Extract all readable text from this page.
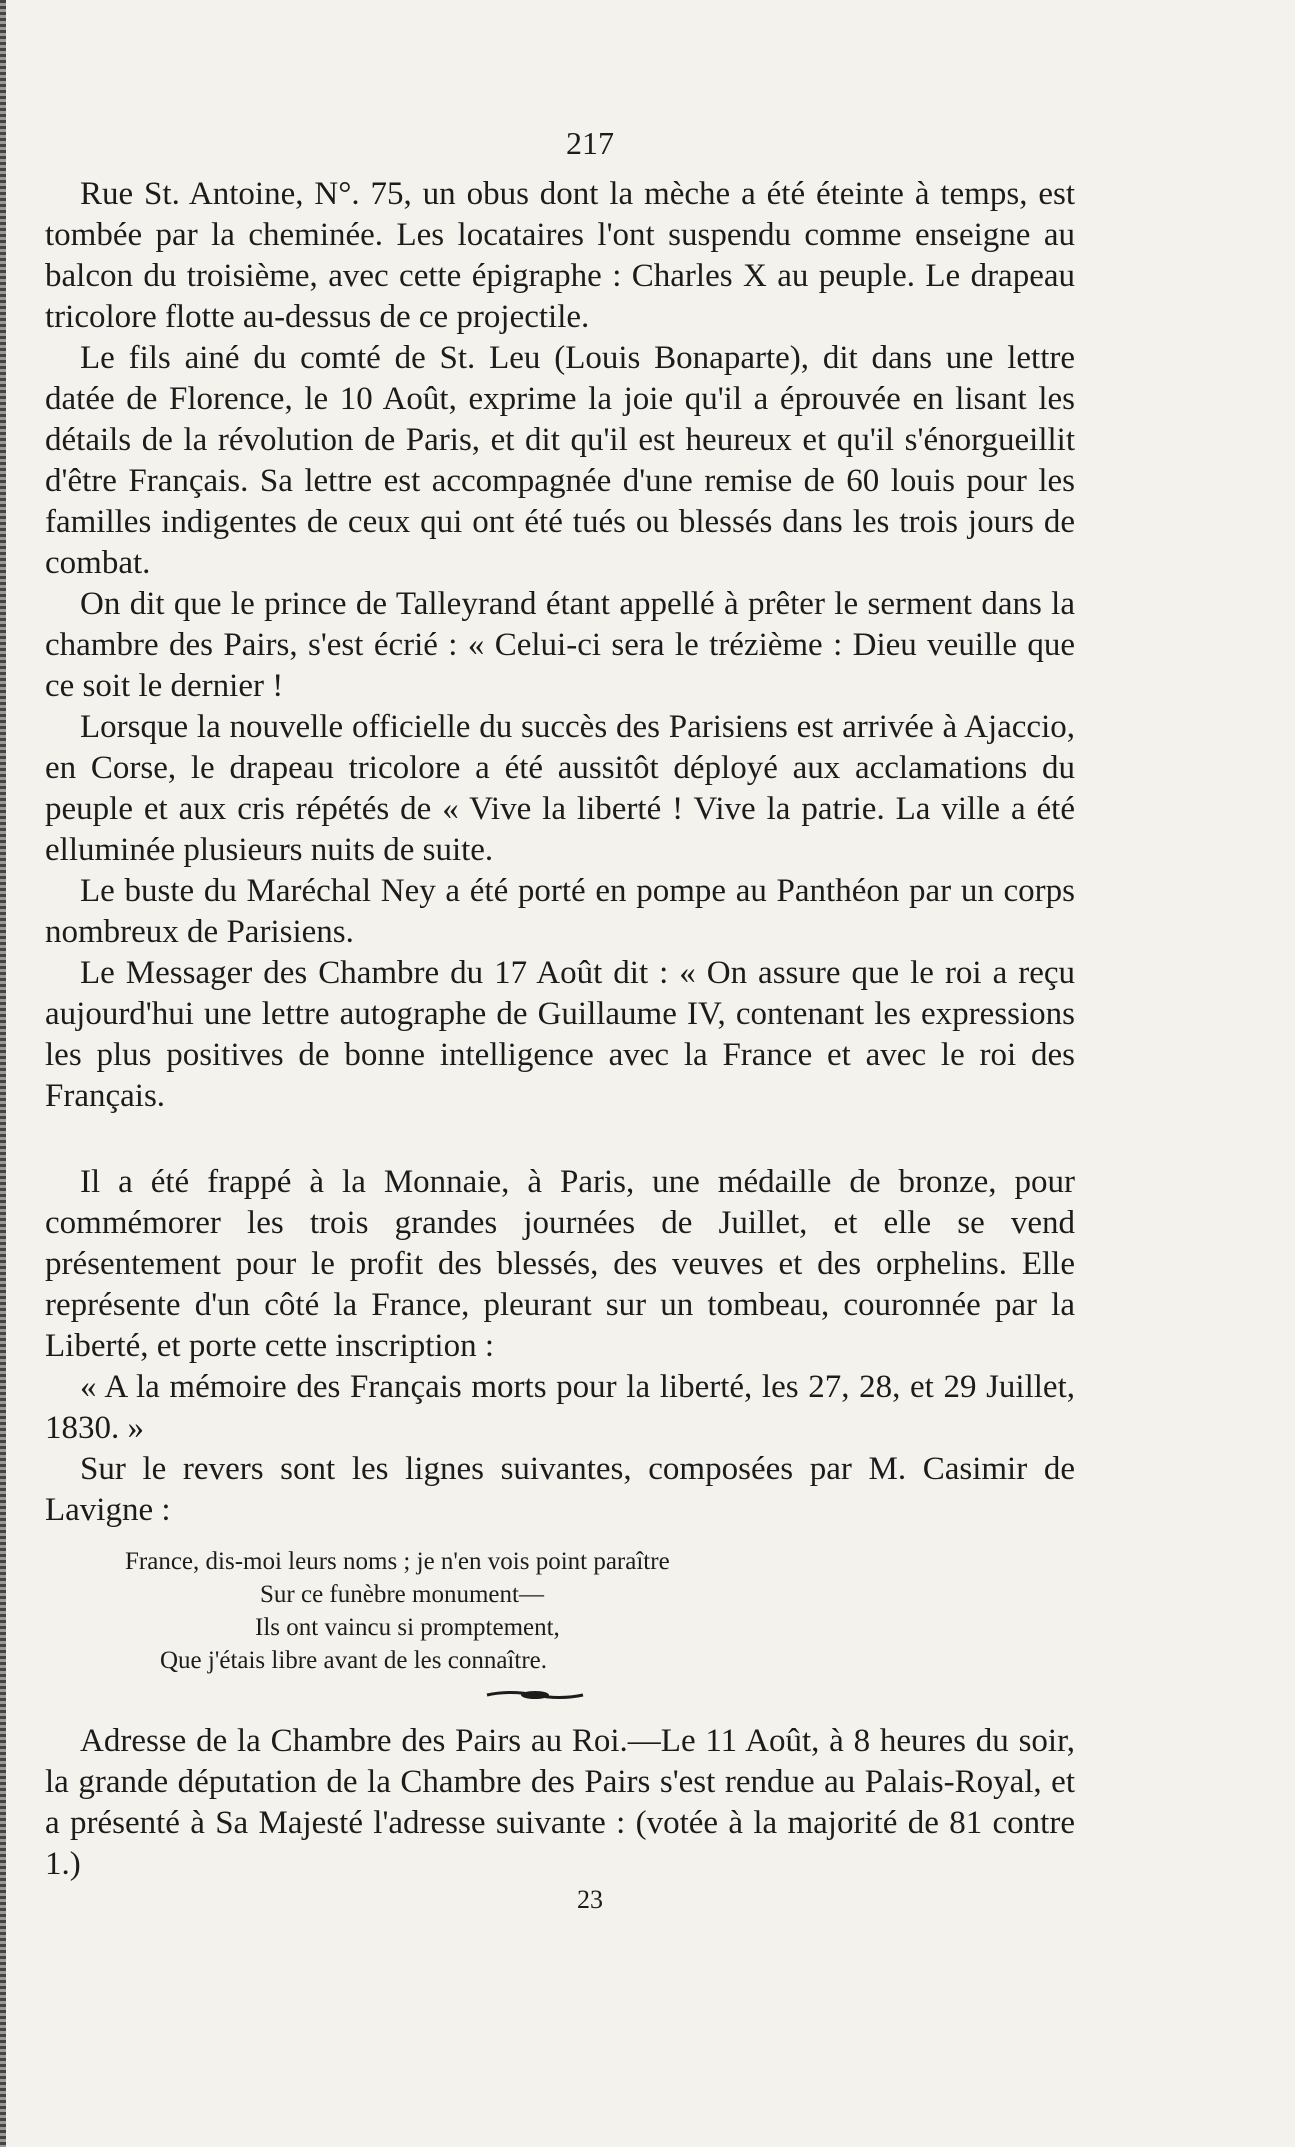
217

Rue St. Antoine, N°. 75, un obus dont la mèche a été éteinte à temps, est tombée par la cheminée. Les locataires l'ont suspendu comme enseigne au balcon du troisième, avec cette épigraphe : Charles X au peuple. Le drapeau tricolore flotte au-dessus de ce projectile.

Le fils ainé du comté de St. Leu (Louis Bonaparte), dit dans une lettre datée de Florence, le 10 Août, exprime la joie qu'il a éprouvée en lisant les détails de la révolution de Paris, et dit qu'il est heureux et qu'il s'énorgueillit d'être Français. Sa lettre est accompagnée d'une remise de 60 louis pour les familles indigentes de ceux qui ont été tués ou blessés dans les trois jours de combat.

On dit que le prince de Talleyrand étant appellé à prêter le serment dans la chambre des Pairs, s'est écrié : « Celui-ci sera le trézième : Dieu veuille que ce soit le dernier !

Lorsque la nouvelle officielle du succès des Parisiens est arrivée à Ajaccio, en Corse, le drapeau tricolore a été aussitôt déployé aux acclamations du peuple et aux cris répétés de « Vive la liberté ! Vive la patrie. La ville a été elluminée plusieurs nuits de suite.

Le buste du Maréchal Ney a été porté en pompe au Panthéon par un corps nombreux de Parisiens.

Le Messager des Chambre du 17 Août dit : « On assure que le roi a reçu aujourd'hui une lettre autographe de Guillaume IV, contenant les expressions les plus positives de bonne intelligence avec la France et avec le roi des Français.

Il a été frappé à la Monnaie, à Paris, une médaille de bronze, pour commémorer les trois grandes journées de Juillet, et elle se vend présentement pour le profit des blessés, des veuves et des orphelins. Elle représente d'un côté la France, pleurant sur un tombeau, couronnée par la Liberté, et porte cette inscription :

« A la mémoire des Français morts pour la liberté, les 27, 28, et 29 Juillet, 1830. »

Sur le revers sont les lignes suivantes, composées par M. Casimir de Lavigne :

France, dis-moi leurs noms ; je n'en vois point paraître
Sur ce funèbre monument—
Ils ont vaincu si promptement,
Que j'étais libre avant de les connaître.

Adresse de la Chambre des Pairs au Roi.—Le 11 Août, à 8 heures du soir, la grande députation de la Chambre des Pairs s'est rendue au Palais-Royal, et a présenté à Sa Majesté l'adresse suivante : (votée à la majorité de 81 contre 1.)

23
